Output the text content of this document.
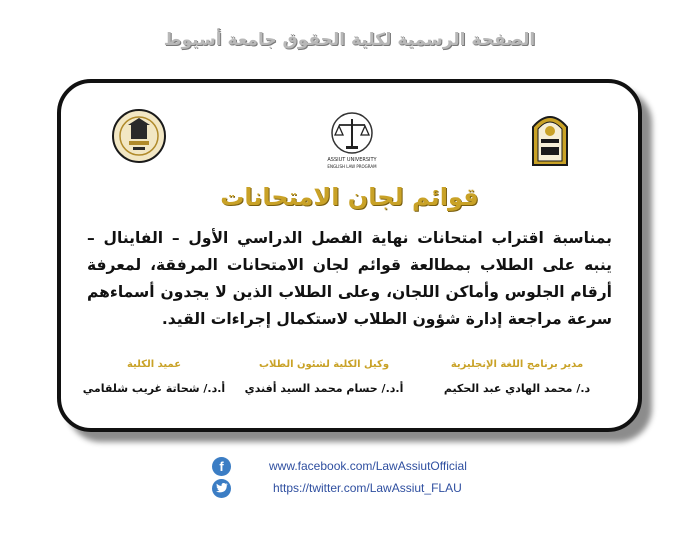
الصفحة الرسمية لكلية الحقوق جامعة أسيوط
ASSIUT UNIVERSITY
ENGLISH LAW PROGRAM
قوائم لجان الامتحانات
بمناسبة اقتراب امتحانات نهاية الفصل الدراسي الأول – الفاينال – ينبه على الطلاب بمطالعة قوائم لجان الامتحانات المرفقة، لمعرفة أرقام الجلوس وأماكن اللجان، وعلى الطلاب الذين لا يجدون أسماءهم سرعة مراجعة إدارة شؤون الطلاب لاستكمال إجراءات القيد.
مدير برنامج اللغة الإنجليزية
د./ محمد الهادي عبد الحكيم
وكيل الكلية لشئون الطلاب
أ.د./ حسام محمد السيد أفندي
عميد الكلية
أ.د./ شحاتة غريب شلقامي
f	www.facebook.com/LawAssiutOfficial
https://twitter.com/LawAssiut_FLAU
